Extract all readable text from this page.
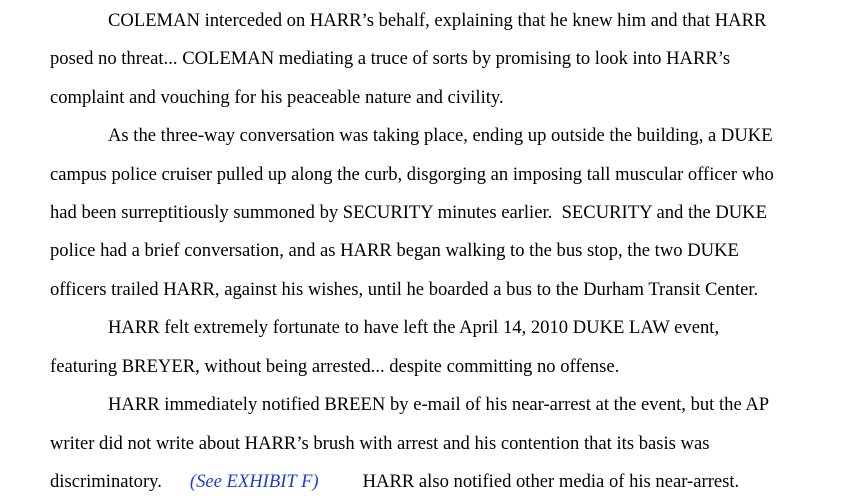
COLEMAN interceded on HARR’s behalf, explaining that he knew him and that HARR
posed no threat... COLEMAN mediating a truce of sorts by promising to look into HARR’s
complaint and vouching for his peaceable nature and civility.
As the three-way conversation was taking place, ending up outside the building, a DUKE
campus police cruiser pulled up along the curb, disgorging an imposing tall muscular officer who
had been surreptitiously summoned by SECURITY minutes earlier.  SECURITY and the DUKE
police had a brief conversation, and as HARR began walking to the bus stop, the two DUKE
officers trailed HARR, against his wishes, until he boarded a bus to the Durham Transit Center.
HARR felt extremely fortunate to have left the April 14, 2010 DUKE LAW event,
featuring BREYER, without being arrested... despite committing no offense.
HARR immediately notified BREEN by e-mail of his near-arrest at the event, but the AP
writer did not write about HARR’s brush with arrest and his contention that its basis was
discriminatory. (See EXHIBIT F) HARR also notified other media of his near-arrest.
